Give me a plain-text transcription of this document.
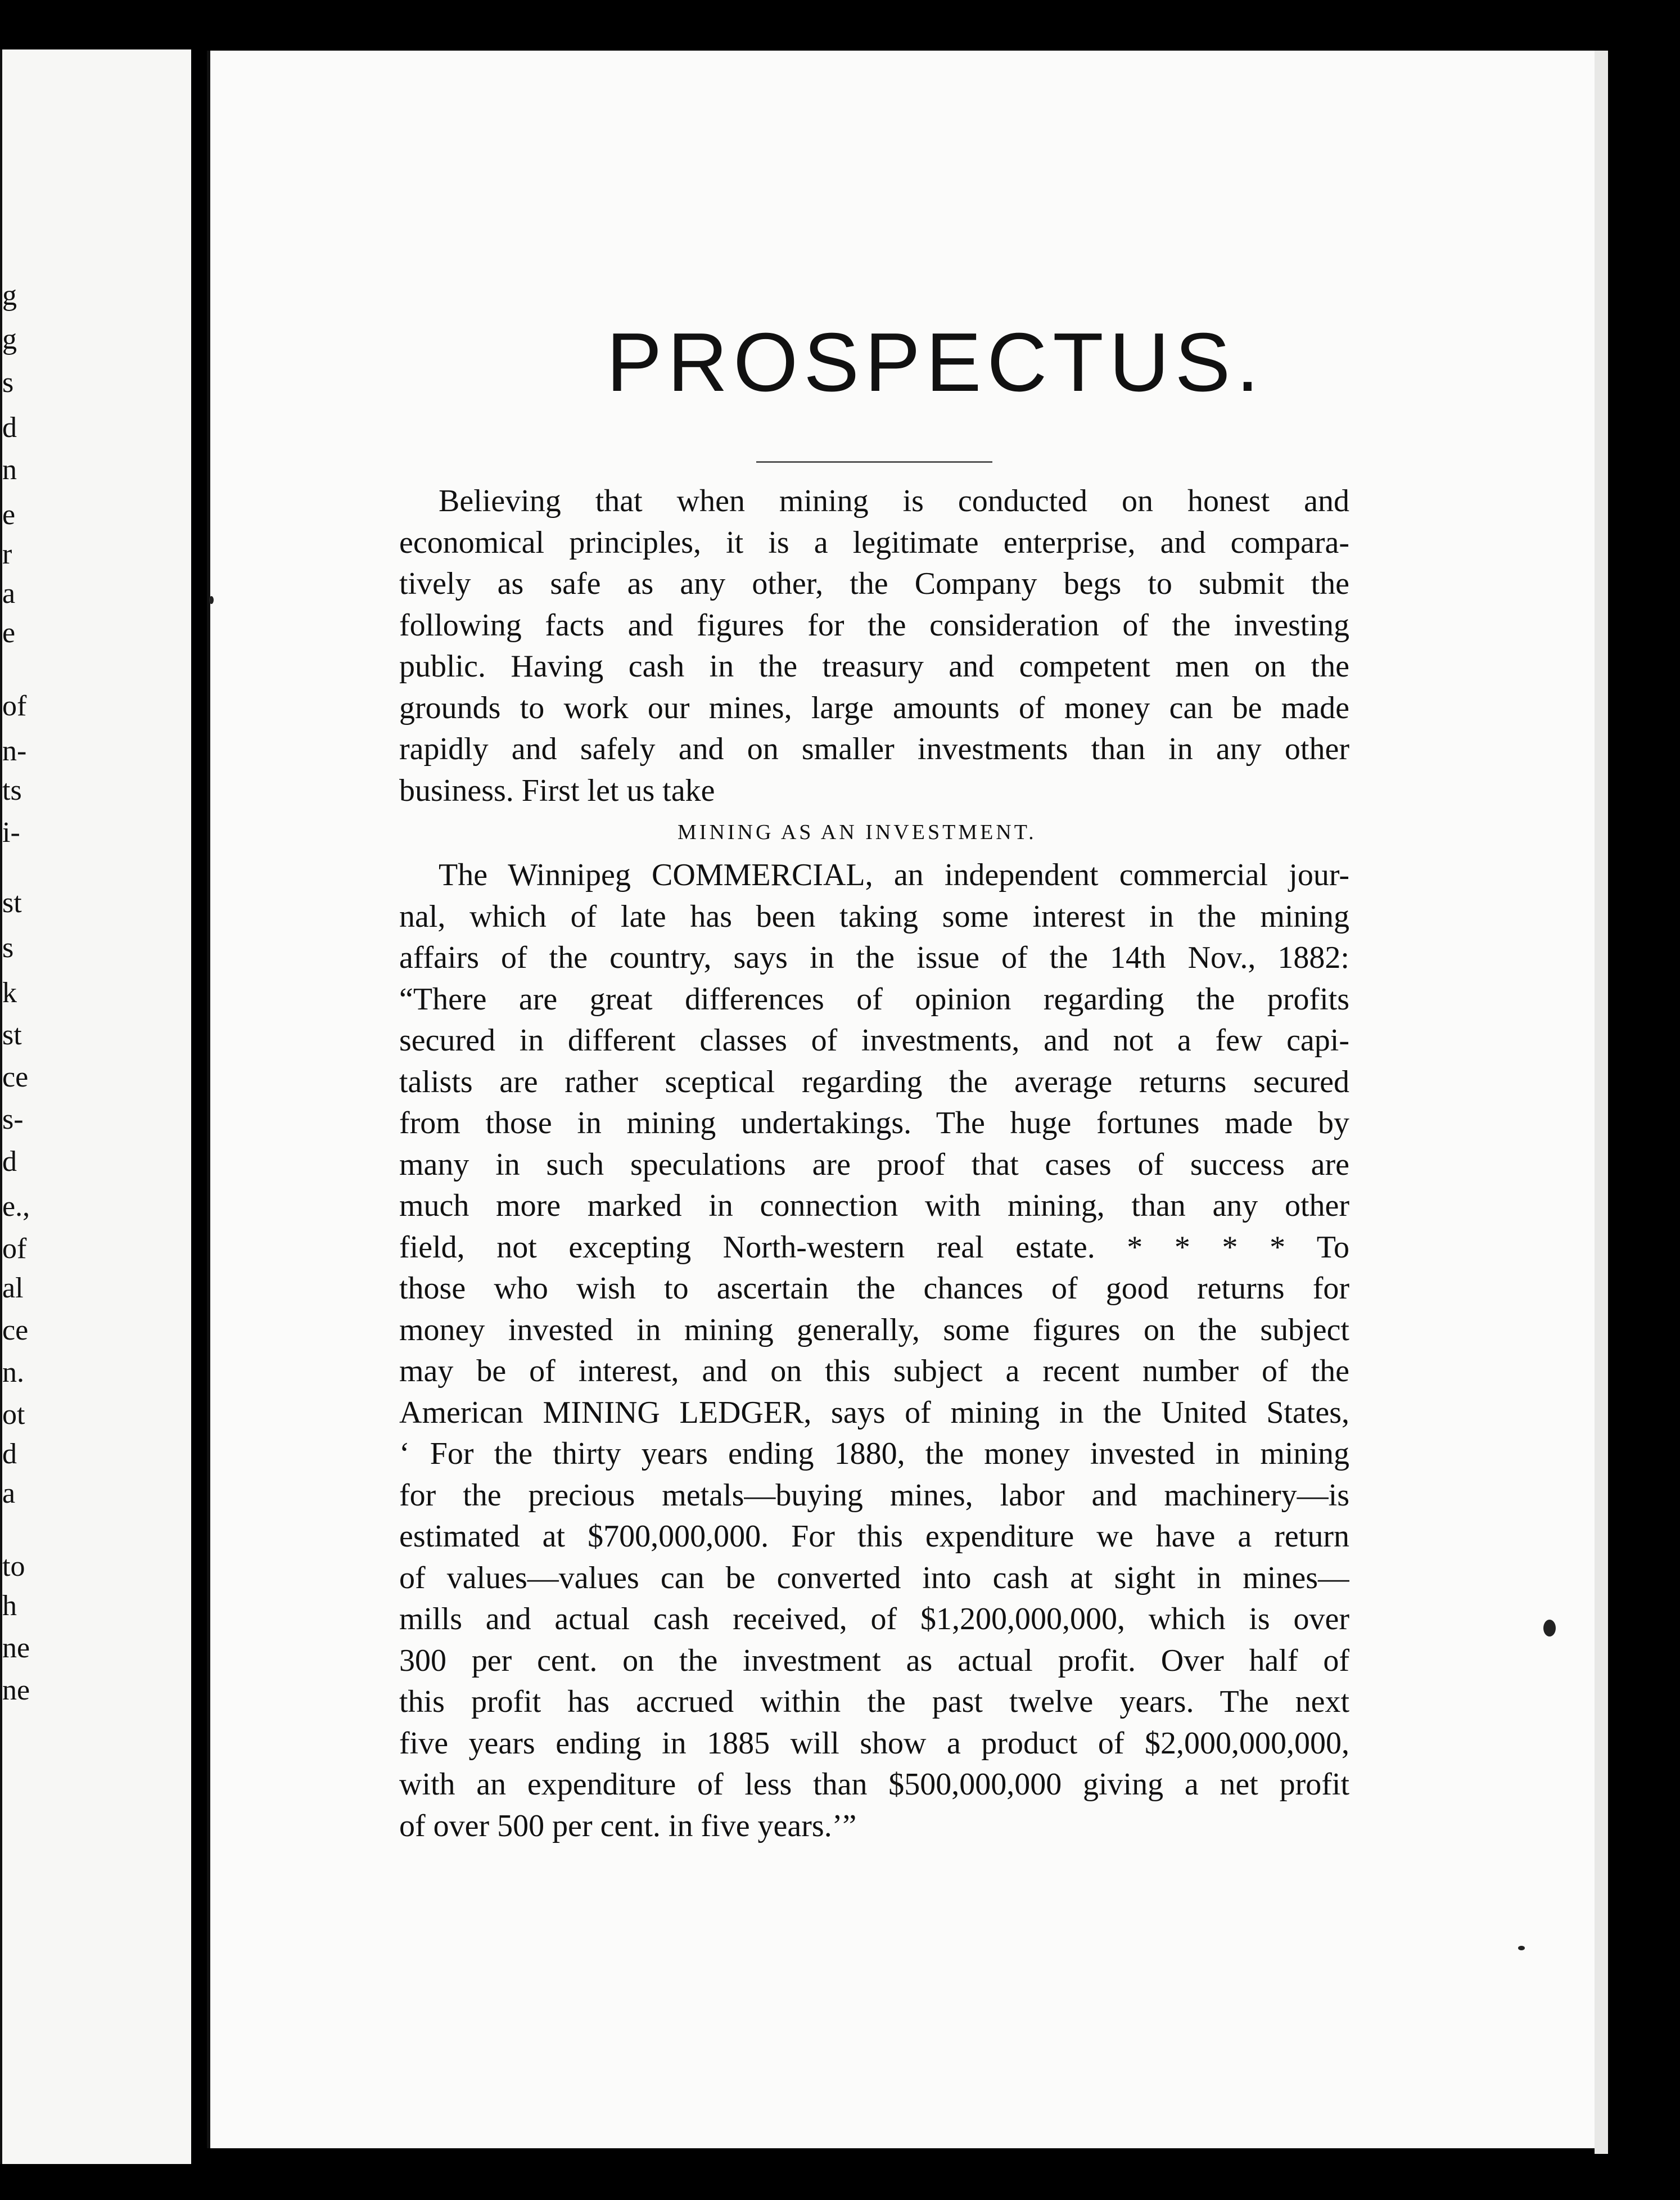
g
g
s
d
n
e
r
a
e
of
n-
ts
i-
st
s
k
st
ce
s-
d
e.,
of
al
ce
n.
ot
d
a
to
h
ne
ne
PROSPECTUS.
Believing that when mining is conducted on honest and
economical principles, it is a legitimate enterprise, and compara-
tively as safe as any other, the Company begs to submit the
following facts and figures for the consideration of the investing
public. Having cash in the treasury and competent men on the
grounds to work our mines, large amounts of money can be made
rapidly and safely and on smaller investments than in any other
business. First let us take
MINING AS AN INVESTMENT.
The Winnipeg COMMERCIAL, an independent commercial jour-
nal, which of late has been taking some interest in the mining
affairs of the country, says in the issue of the 14th Nov., 1882:
“There are great differences of opinion regarding the profits
secured in different classes of investments, and not a few capi-
talists are rather sceptical regarding the average returns secured
from those in mining undertakings. The huge fortunes made by
many in such speculations are proof that cases of success are
much more marked in connection with mining, than any other
field, not excepting North-western real estate. * * * * To
those who wish to ascertain the chances of good returns for
money invested in mining generally, some figures on the subject
may be of interest, and on this subject a recent number of the
American MINING LEDGER, says of mining in the United States,
‘ For the thirty years ending 1880, the money invested in mining
for the precious metals—buying mines, labor and machinery—is
estimated at $700,000,000. For this expenditure we have a return
of values—values can be converted into cash at sight in mines—
mills and actual cash received, of $1,200,000,000, which is over
300 per cent. on the investment as actual profit. Over half of
this profit has accrued within the past twelve years. The next
five years ending in 1885 will show a product of $2,000,000,000,
with an expenditure of less than $500,000,000 giving a net profit
of over 500 per cent. in five years.’”
